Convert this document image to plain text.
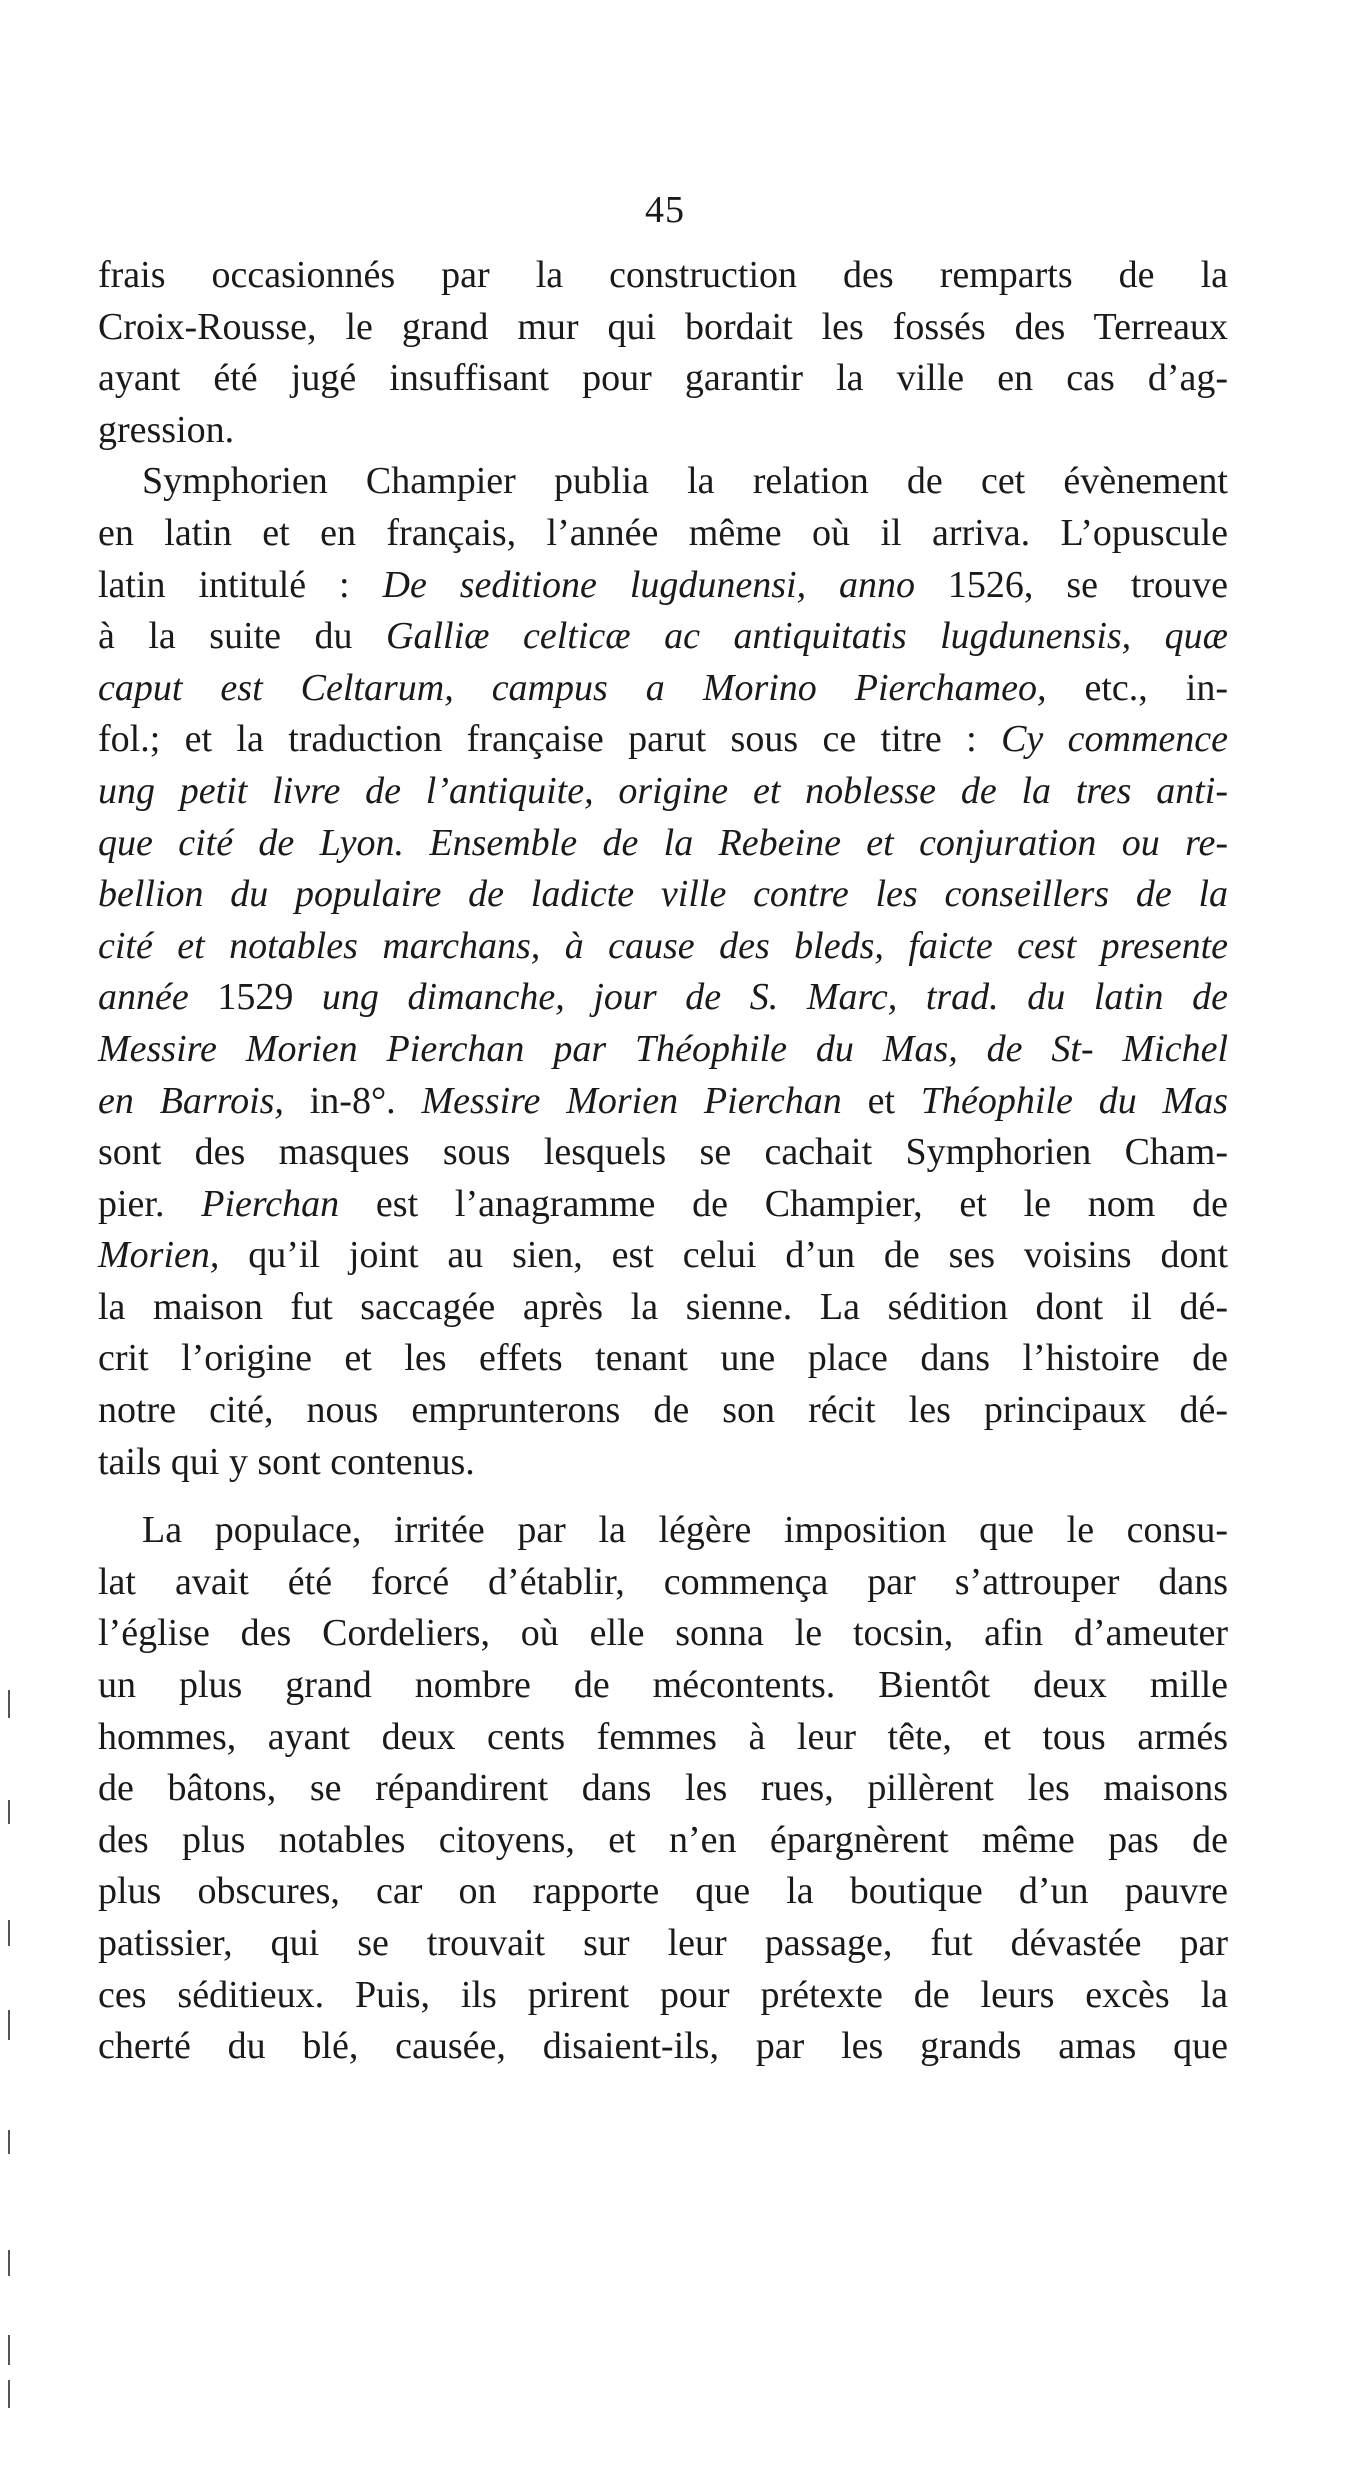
45
frais occasionnés par la construction des remparts de la
Croix-Rousse, le grand mur qui bordait les fossés des Terreaux
ayant été jugé insuffisant pour garantir la ville en cas d’ag-
gression.
Symphorien Champier publia la relation de cet évènement
en latin et en français, l’année même où il arriva. L’opuscule
latin intitulé : De seditione lugdunensi, anno 1526, se trouve
à la suite du Galliæ celticæ ac antiquitatis lugdunensis, quæ
caput est Celtarum, campus a Morino Pierchameo, etc., in-
fol.; et la traduction française parut sous ce titre : Cy commence
ung petit livre de l’antiquite, origine et noblesse de la tres anti-
que cité de Lyon. Ensemble de la Rebeine et conjuration ou re-
bellion du populaire de ladicte ville contre les conseillers de la
cité et notables marchans, à cause des bleds, faicte cest presente
année 1529 ung dimanche, jour de S. Marc, trad. du latin de
Messire Morien Pierchan par Théophile du Mas, de St- Michel
en Barrois, in-8°. Messire Morien Pierchan et Théophile du Mas
sont des masques sous lesquels se cachait Symphorien Cham-
pier. Pierchan est l’anagramme de Champier, et le nom de
Morien, qu’il joint au sien, est celui d’un de ses voisins dont
la maison fut saccagée après la sienne. La sédition dont il dé-
crit l’origine et les effets tenant une place dans l’histoire de
notre cité, nous emprunterons de son récit les principaux dé-
tails qui y sont contenus.
La populace, irritée par la légère imposition que le consu-
lat avait été forcé d’établir, commença par s’attrouper dans
l’église des Cordeliers, où elle sonna le tocsin, afin d’ameuter
un plus grand nombre de mécontents. Bientôt deux mille
hommes, ayant deux cents femmes à leur tête, et tous armés
de bâtons, se répandirent dans les rues, pillèrent les maisons
des plus notables citoyens, et n’en épargnèrent même pas de
plus obscures, car on rapporte que la boutique d’un pauvre
patissier, qui se trouvait sur leur passage, fut dévastée par
ces séditieux. Puis, ils prirent pour prétexte de leurs excès la
cherté du blé, causée, disaient-ils, par les grands amas que
